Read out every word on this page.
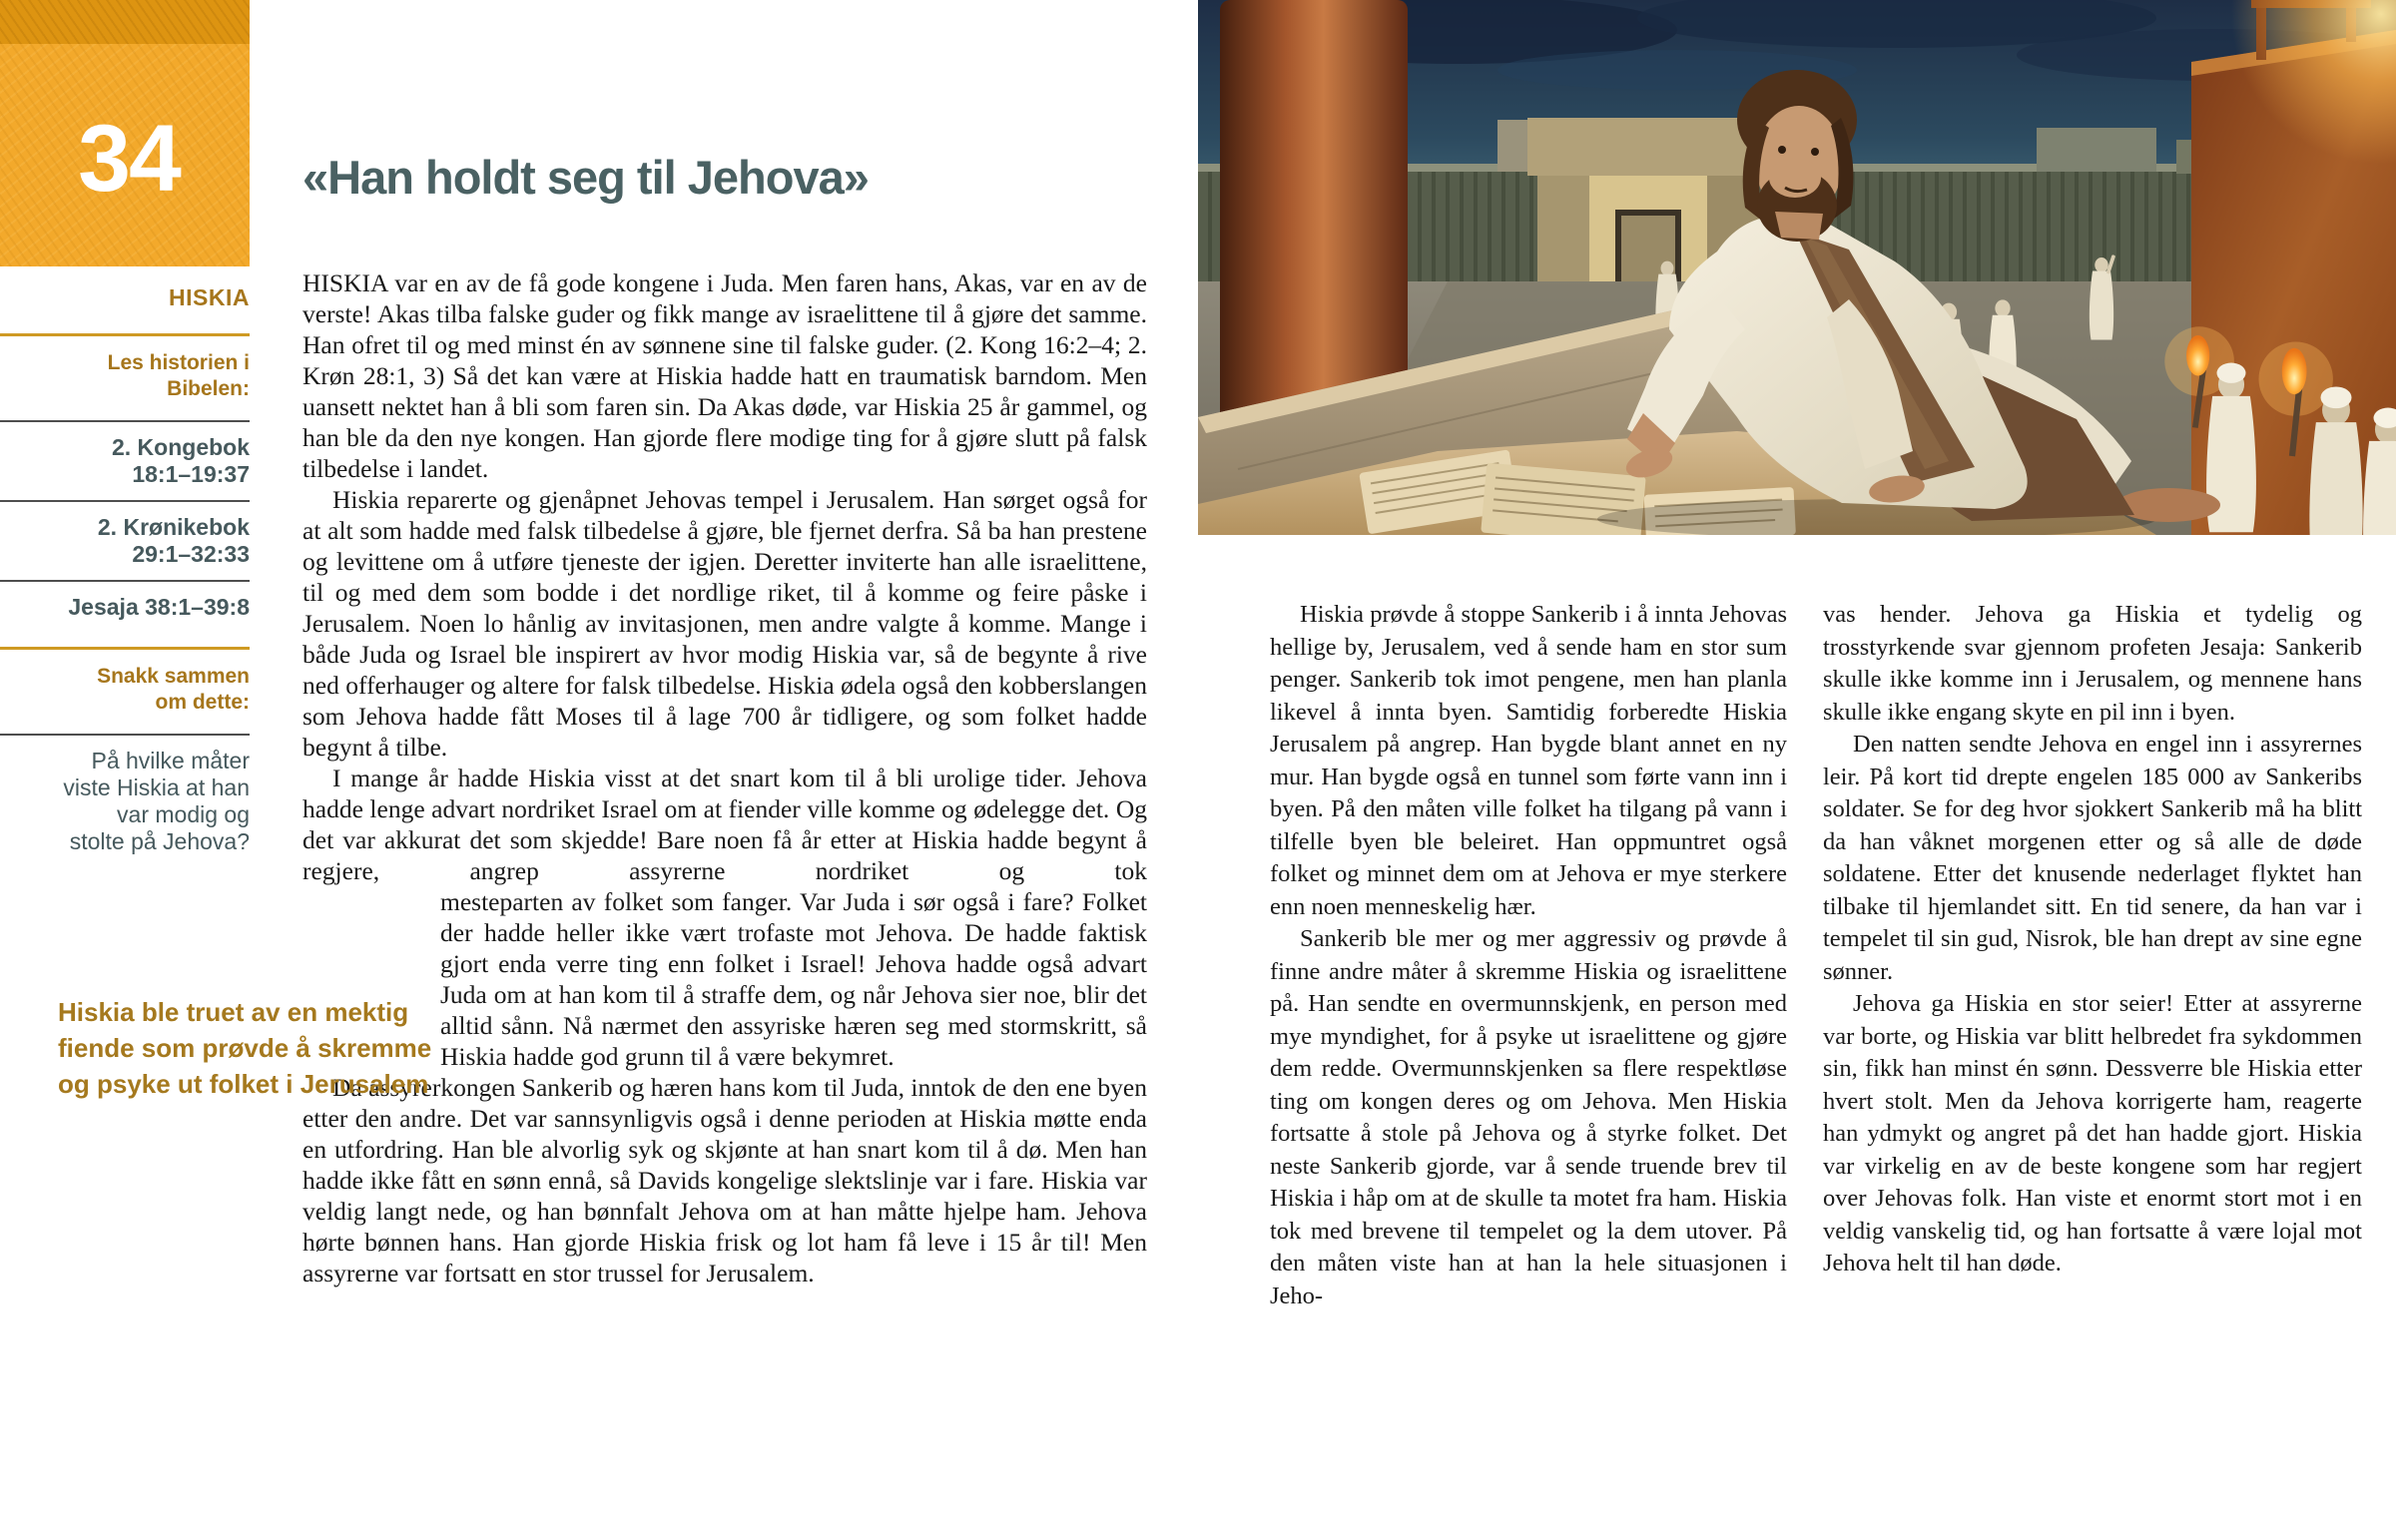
34
HISKIA
Les historien i Bibelen:
2. Kongebok
18:1–19:37
2. Krønikebok
29:1–32:33
Jesaja 38:1–39:8
Snakk sammen om dette:
På hvilke måter viste Hiskia at han var modig og stolte på Jehova?
«Han holdt seg til Jehova»

HISKIA var en av de få gode kongene i Juda. Men faren hans, Akas, var en av de verste! Akas tilba falske guder og fikk mange av israelittene til å gjøre det samme. Han ofret til og med minst én av sønnene sine til falske guder. (2. Kong 16:2–4; 2. Krøn 28:1, 3) Så det kan være at Hiskia hadde hatt en traumatisk barndom. Men uansett nektet han å bli som faren sin. Da Akas døde, var Hiskia 25 år gammel, og han ble da den nye kongen. Han gjorde flere modige ting for å gjøre slutt på falsk tilbedelse i landet.

Hiskia reparerte og gjenåpnet Jehovas tempel i Jerusalem. Han sørget også for at alt som hadde med falsk tilbedelse å gjøre, ble fjernet derfra. Så ba han prestene og levittene om å utføre tjeneste der igjen. Deretter inviterte han alle israelittene, til og med dem som bodde i det nordlige riket, til å komme og feire påske i Jerusalem. Noen lo hånlig av invitasjonen, men andre valgte å komme. Mange i både Juda og Israel ble inspirert av hvor modig Hiskia var, så de begynte å rive ned offerhauger og altere for falsk tilbedelse. Hiskia ødela også den kobberslangen som Jehova hadde fått Moses til å lage 700 år tidligere, og som folket hadde begynt å tilbe.

I mange år hadde Hiskia visst at det snart kom til å bli urolige tider. Jehova hadde lenge advart nordriket Israel om at fiender ville komme og ødelegge det. Og det var akkurat det som skjedde! Bare noen få år etter at Hiskia hadde begynt å regjere, angrep assyrerne nordriket og tok

mesteparten av folket som fanger. Var Juda i sør også i fare? Folket der hadde heller ikke vært trofaste mot Jehova. De hadde faktisk gjort enda verre ting enn folket i Israel! Jehova hadde også advart Juda om at han kom til å straffe dem, og når Jehova sier noe, blir det alltid sånn. Nå nærmet den assyriske hæren seg med stormskritt, så Hiskia hadde god grunn til å være bekymret.

Da assyrerkongen Sankerib og hæren hans kom til Juda, inntok de den ene byen etter den andre. Det var sannsynligvis også i denne perioden at Hiskia møtte enda en utfordring. Han ble alvorlig syk og skjønte at han snart kom til å dø. Men han hadde ikke fått en sønn ennå, så Davids kongelige slektslinje var i fare. Hiskia var veldig langt nede, og han bønnfalt Jehova om at han måtte hjelpe ham. Jehova hørte bønnen hans. Han gjorde Hiskia frisk og lot ham få leve i 15 år til! Men assyrerne var fortsatt en stor trussel for Jerusalem.

Hiskia ble truet av en mektig fiende som prøvde å skremme og psyke ut folket i Jerusalem

Hiskia prøvde å stoppe Sankerib i å innta Jehovas hellige by, Jerusalem, ved å sende ham en stor sum penger. Sankerib tok imot pengene, men han planla likevel å innta byen. Samtidig forberedte Hiskia Jerusalem på angrep. Han bygde blant annet en ny mur. Han bygde også en tunnel som førte vann inn i byen. På den måten ville folket ha tilgang på vann i tilfelle byen ble beleiret. Han oppmuntret også folket og minnet dem om at Jehova er mye sterkere enn noen menneskelig hær.

Sankerib ble mer og mer aggressiv og prøvde å finne andre måter å skremme Hiskia og israelittene på. Han sendte en overmunnskjenk, en person med mye myndighet, for å psyke ut israelittene og gjøre dem redde. Overmunnskjenken sa flere respektløse ting om kongen deres og om Jehova. Men Hiskia fortsatte å stole på Jehova og å styrke folket. Det neste Sankerib gjorde, var å sende truende brev til Hiskia i håp om at de skulle ta motet fra ham. Hiskia tok med brevene til tempelet og la dem utover. På den måten viste han at han la hele situasjonen i Jeho-

vas hender. Jehova ga Hiskia et tydelig og trosstyrkende svar gjennom profeten Jesaja: Sankerib skulle ikke komme inn i Jerusalem, og mennene hans skulle ikke engang skyte en pil inn i byen.

Den natten sendte Jehova en engel inn i assyrernes leir. På kort tid drepte engelen 185 000 av Sankeribs soldater. Se for deg hvor sjokkert Sankerib må ha blitt da han våknet morgenen etter og så alle de døde soldatene. Etter det knusende nederlaget flyktet han tilbake til hjemlandet sitt. En tid senere, da han var i tempelet til sin gud, Nisrok, ble han drept av sine egne sønner.

Jehova ga Hiskia en stor seier! Etter at assyrerne var borte, og Hiskia var blitt helbredet fra sykdommen sin, fikk han minst én sønn. Dessverre ble Hiskia etter hvert stolt. Men da Jehova korrigerte ham, reagerte han ydmykt og angret på det han hadde gjort. Hiskia var virkelig en av de beste kongene som har regjert over Jehovas folk. Han viste et enormt stort mot i en veldig vanskelig tid, og han fortsatte å være lojal mot Jehova helt til han døde.
